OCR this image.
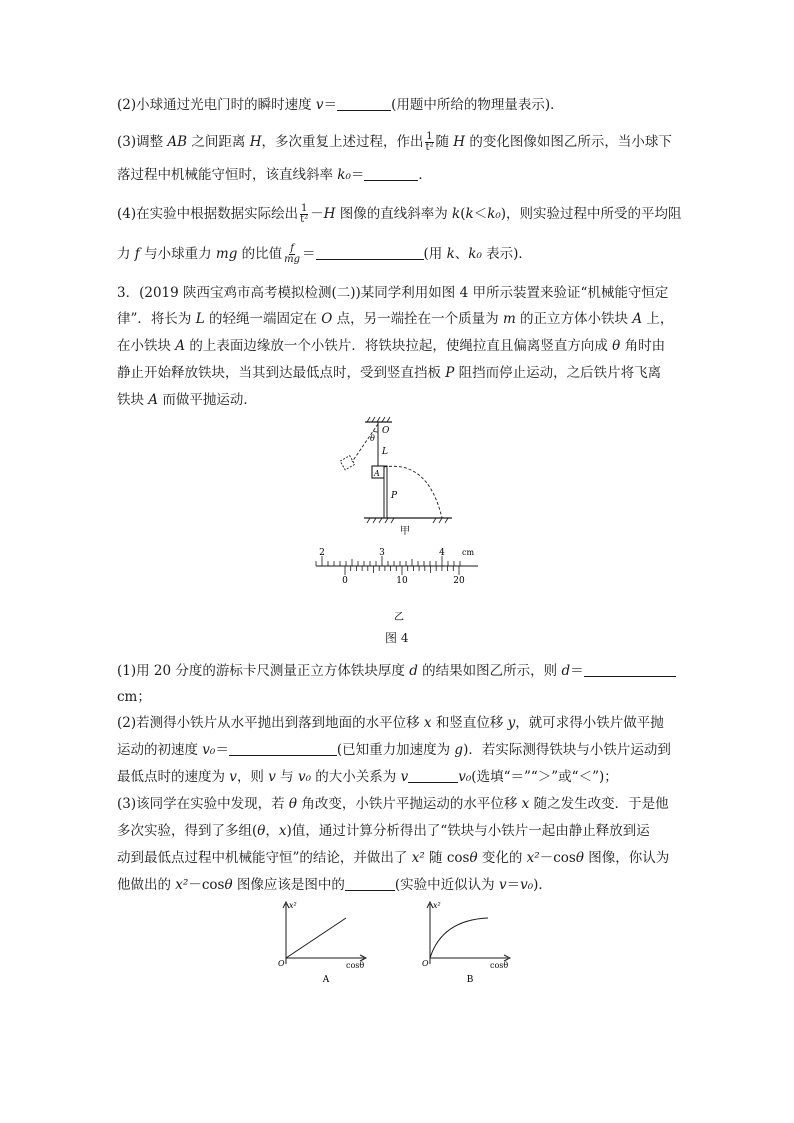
(2)小球通过光电门时的瞬时速度 v＝	(用题中所给的物理量表示)．
(3)调整 AB 之间距离 H，多次重复上述过程，作出 $\frac{1}{\text{t²}}$ 随 H 的变化图像如图乙所示，当小球下
落过程中机械能守恒时，该直线斜率 k₀＝	．
(4)在实验中根据数据实际绘出 $\frac{1}{\text{t²}} -H$ 图像的直线斜率为 k(k＜k₀)，则实验过程中所受的平均阻
力 f 与小球重力 mg 的比值 $\frac{f}{mg}$ ＝	(用 k、k₀ 表示)．
3．(2019 陕西宝鸡市高考模拟检测(二))某同学利用如图 4 甲所示装置来验证“机械能守恒定
律”．将长为 L 的轻绳一端固定在 O 点，另一端拴在一个质量为 m 的正立方体小铁块 A 上，
在小铁块 A 的上表面边缘放一个小铁片．将铁块拉起，使绳拉直且偏离竖直方向成 θ 角时由
静止开始释放铁块，当其到达最低点时，受到竖直挡板 P 阻挡而停止运动，之后铁片将飞离
铁块 A 而做平抛运动．
O
θ
L
A
P
甲
2	3	4 cm
0	10	20
乙
图 4
(1)用 20 分度的游标卡尺测量正立方体铁块厚度 d 的结果如图乙所示，则 d＝
cm；
(2)若测得小铁片从水平抛出到落到地面的水平位移 x 和竖直位移 y，就可求得小铁片做平抛
运动的初速度 v₀＝	(已知重力加速度为 g)．若实际测得铁块与小铁片运动到
最低点时的速度为 v，则 v 与 v₀ 的大小关系为 v	v₀(选填“＝”“＞”或“＜”)；
(3)该同学在实验中发现，若 θ 角改变，小铁片平抛运动的水平位移 x 随之发生改变．于是他
多次实验，得到了多组(θ，x)值，通过计算分析得出了“铁块与小铁片一起由静止释放到运
动到最低点过程中机械能守恒”的结论，并做出了 x² 随 cosθ 变化的 x²－cosθ 图像，你认为
他做出的 x²－cosθ 图像应该是图中的	(实验中近似认为 v＝v₀)．
x²
O	cosθ
A
x²
O	cosθ
B
